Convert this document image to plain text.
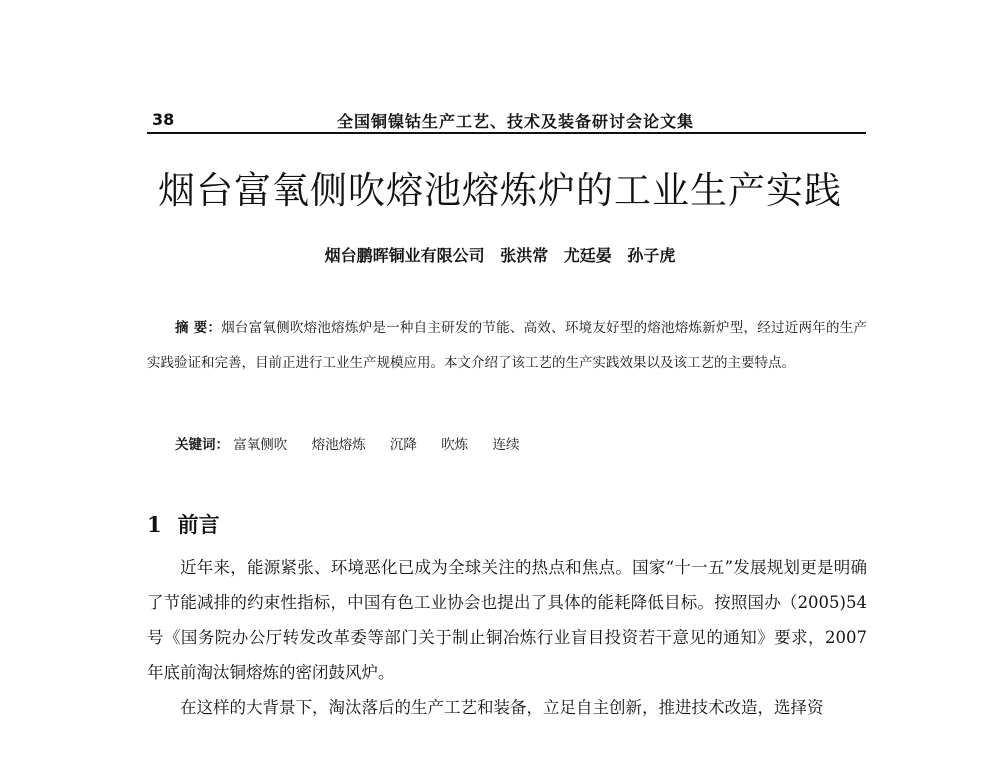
38	全国铜镍钴生产工艺、技术及装备研讨会论文集
烟台富氧侧吹熔池熔炼炉的工业生产实践
烟台鹏晖铜业有限公司 张洪常 尤廷晏 孙子虎
摘 要：烟台富氧侧吹熔池熔炼炉是一种自主研发的节能、高效、环境友好型的熔池熔炼新炉型，经过近两年的生产实践验证和完善，目前正进行工业生产规模应用。本文介绍了该工艺的生产实践效果以及该工艺的主要特点。
关键词： 富氧侧吹 熔池熔炼 沉降 吹炼 连续
1 前言

近年来，能源紧张、环境恶化已成为全球关注的热点和焦点。国家“十一五”发展规划更是明确了节能减排的约束性指标，中国有色工业协会也提出了具体的能耗降低目标。按照国办（2005)54 号《国务院办公厅转发改革委等部门关于制止铜冶炼行业盲目投资若干意见的通知》要求，2007 年底前淘汰铜熔炼的密闭鼓风炉。

在这样的大背景下，淘汰落后的生产工艺和装备，立足自主创新，推进技术改造，选择资
